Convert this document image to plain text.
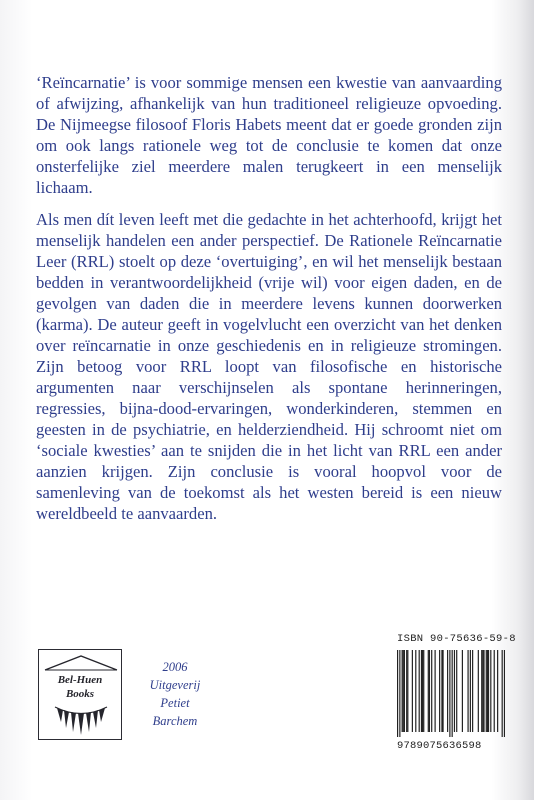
‘Reïncarnatie’ is voor sommige mensen een kwestie van aanvaarding of afwijzing, afhankelijk van hun traditioneel religieuze opvoeding. De Nijmeegse filosoof Floris Habets meent dat er goede gronden zijn om ook langs rationele weg tot de conclusie te komen dat onze onsterfelijke ziel meerdere malen terugkeert in een menselijk lichaam.

Als men dít leven leeft met die gedachte in het achterhoofd, krijgt het menselijk handelen een ander perspectief. De Rationele Reïncarnatie Leer (RRL) stoelt op deze ‘overtuiging’, en wil het menselijk bestaan bedden in verantwoordelijkheid (vrije wil) voor eigen daden, en de gevolgen van daden die in meerdere levens kunnen doorwerken (karma). De auteur geeft in vogelvlucht een overzicht van het denken over reïncarnatie in onze geschiedenis en in religieuze stromingen. Zijn betoog voor RRL loopt van filosofische en historische argumenten naar verschijnselen als spontane herinneringen, regressies, bijna-dood-ervaringen, wonderkinderen, stemmen en geesten in de psychiatrie, en helderziendheid. Hij schroomt niet om ‘sociale kwesties’ aan te snijden die in het licht van RRL een ander aanzien krijgen. Zijn conclusie is vooral hoopvol voor de samenleving van de toekomst als het westen bereid is een nieuw wereldbeeld te aanvaarden.

Bel-Huen
Books
2006
Uitgeverij
Petiet
Barchem
ISBN 90-75636-59-8
9789075636598
